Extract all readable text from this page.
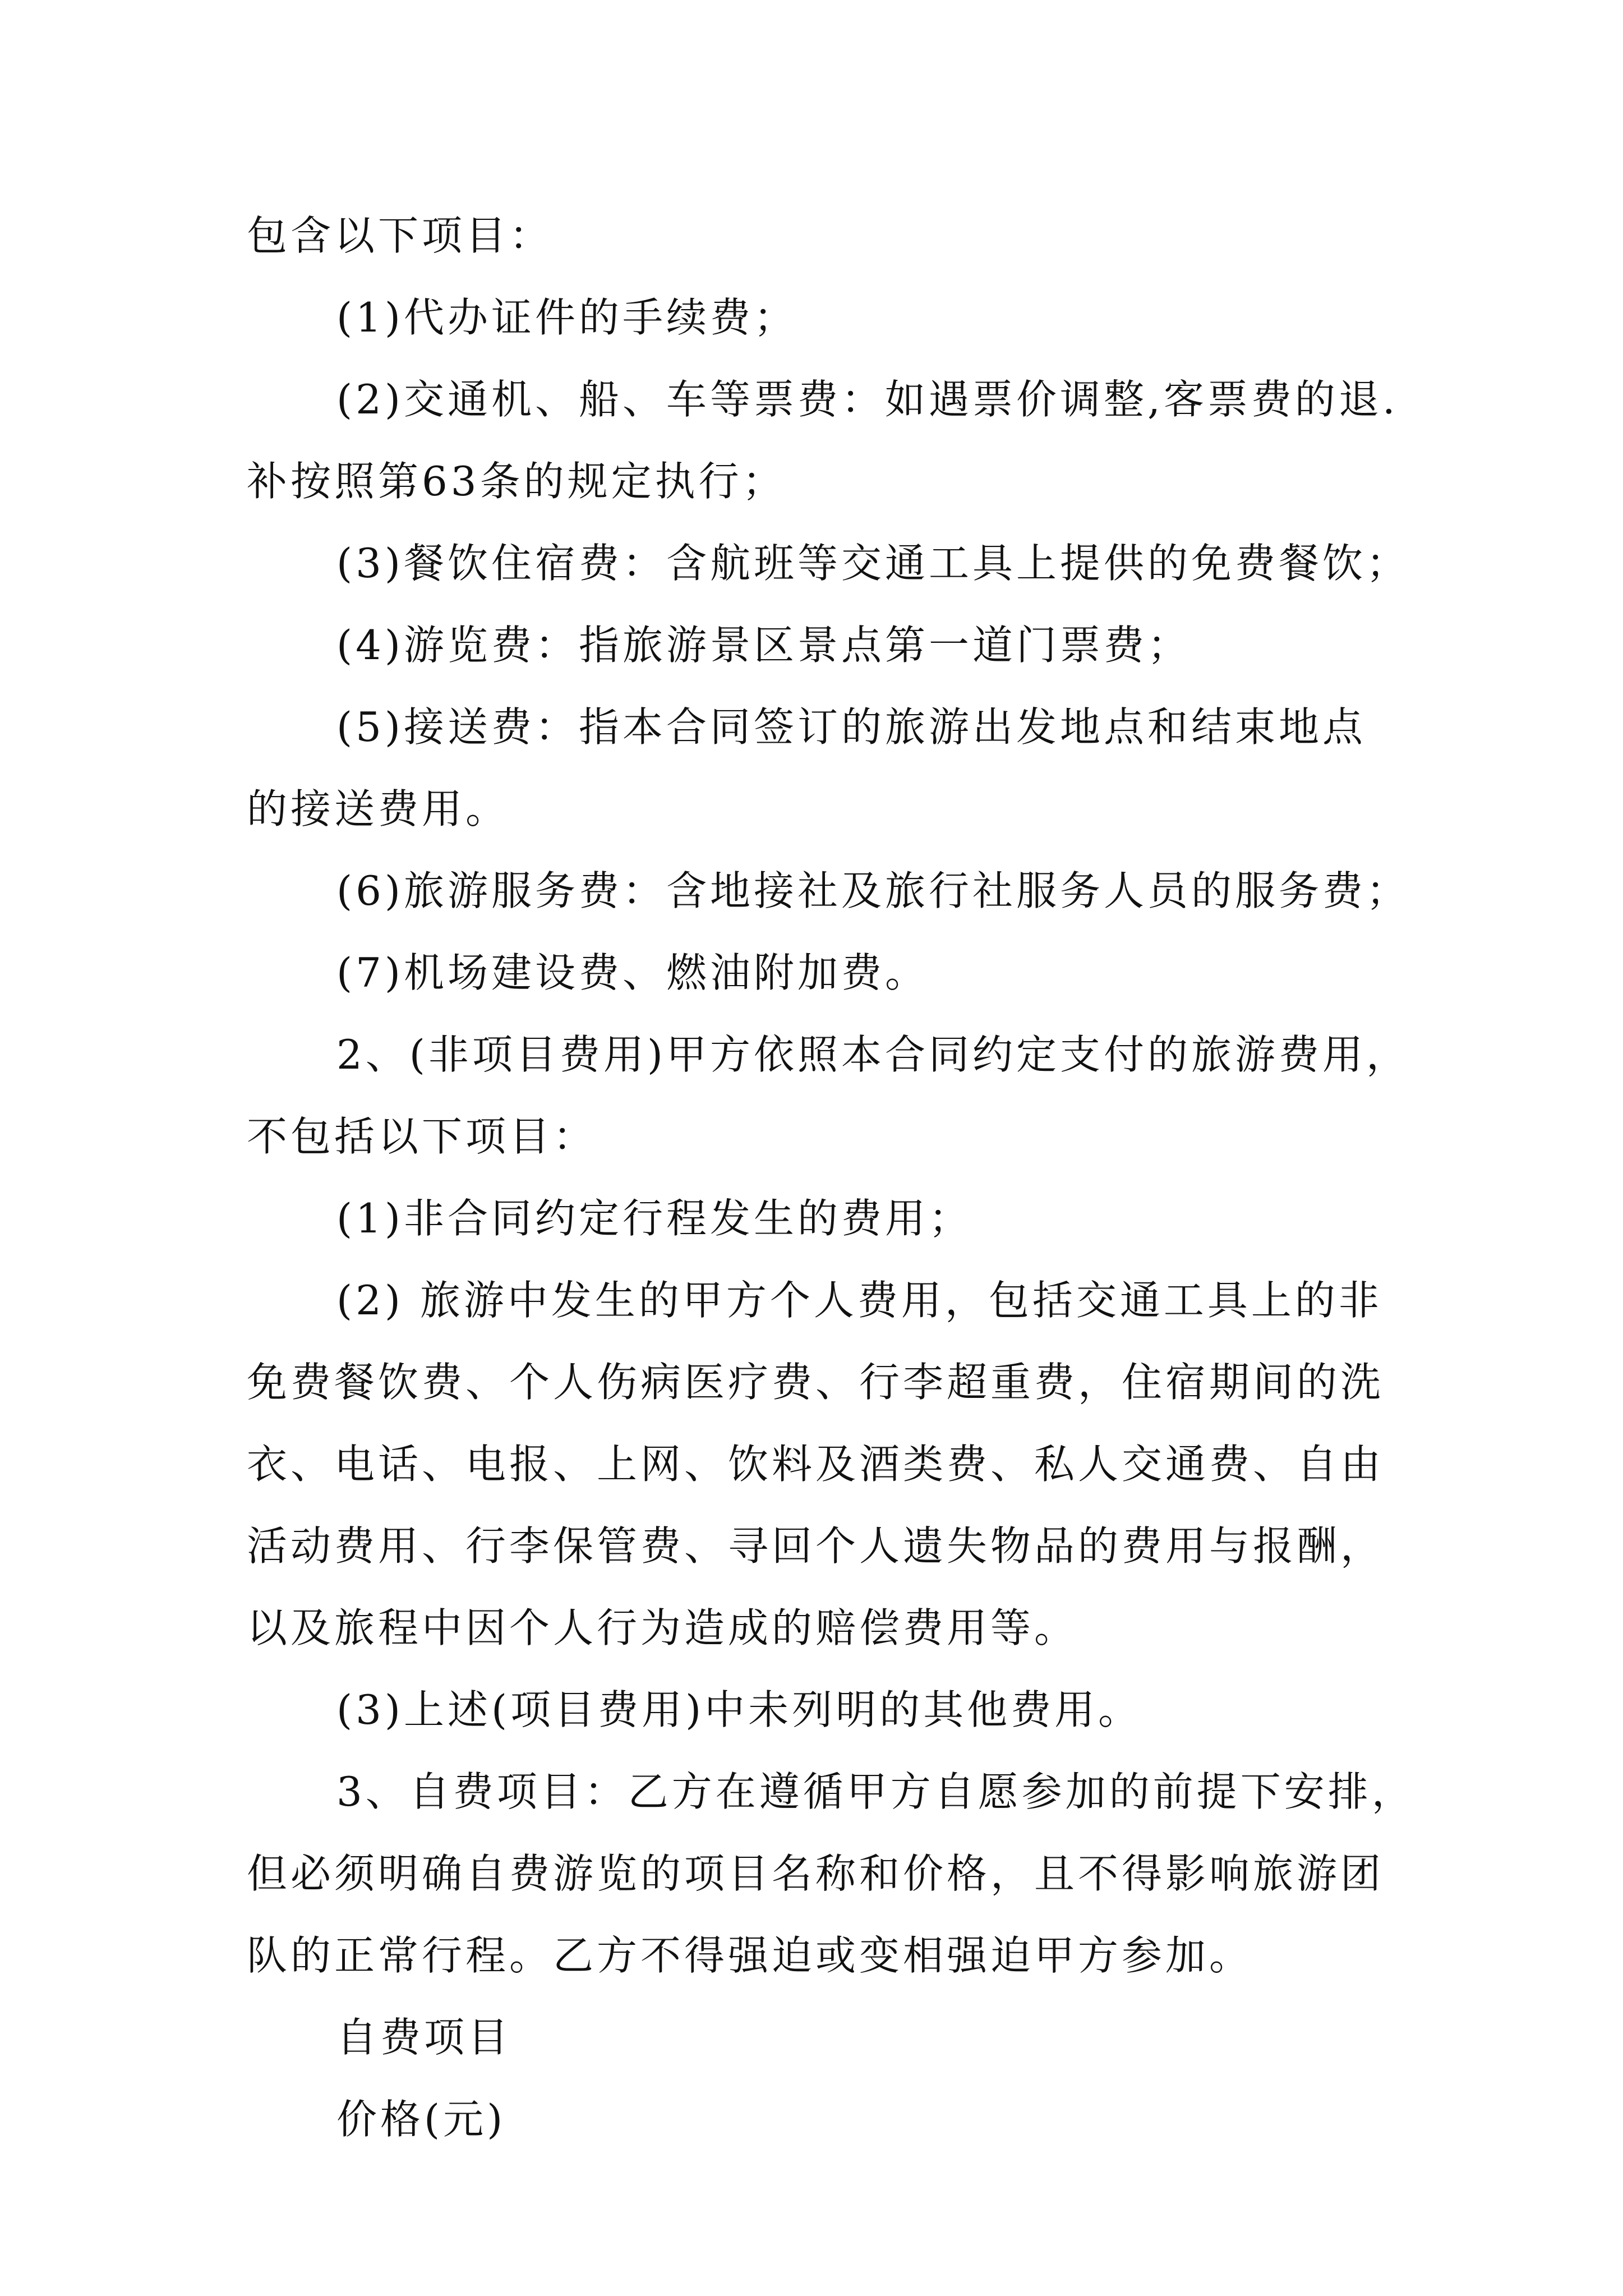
包含以下项目：
(1)代办证件的手续费；
(2)交通机、船、车等票费：如遇票价调整,客票费的退.
补按照第63条的规定执行；
(3)餐饮住宿费：含航班等交通工具上提供的免费餐饮；
(4)游览费：指旅游景区景点第一道门票费；
(5)接送费：指本合同签订的旅游出发地点和结束地点
的接送费用。
(6)旅游服务费：含地接社及旅行社服务人员的服务费；
(7)机场建设费、燃油附加费。
2、(非项目费用)甲方依照本合同约定支付的旅游费用，
不包括以下项目：
(1)非合同约定行程发生的费用；
(2) 旅游中发生的甲方个人费用，包括交通工具上的非
免费餐饮费、个人伤病医疗费、行李超重费，住宿期间的洗
衣、电话、电报、上网、饮料及酒类费、私人交通费、自由
活动费用、行李保管费、寻回个人遗失物品的费用与报酬，
以及旅程中因个人行为造成的赔偿费用等。
(3)上述(项目费用)中未列明的其他费用。
3、自费项目：乙方在遵循甲方自愿参加的前提下安排，
但必须明确自费游览的项目名称和价格，且不得影响旅游团
队的正常行程。乙方不得强迫或变相强迫甲方参加。
自费项目
价格(元)
